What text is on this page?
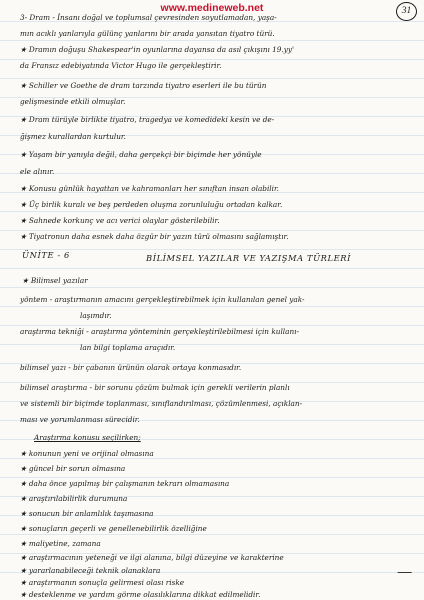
www.medineweb.net	31
3- Dram - İnsanı doğal ve toplumsal çevresinden soyutlamadan, yaşa-
mın acıklı yanlarıyla gülünç yanlarını bir arada yansıtan tiyatro türü.
★ Dramın doğuşu Shakespear'in oyunlarına dayansa da asıl çıkışını 19.yy'
da Fransız edebiyatında Victor Hugo ile gerçekleştirir.
★ Schiller ve Goethe de dram tarzında tiyatro eserleri ile bu türün
gelişmesinde etkili olmuşlar.
★ Dram türüyle birlikte tiyatro, tragedya ve komedideki kesin ve de-
ğişmez kurallardan kurtulur.
★ Yaşam bir yanıyla değil, daha gerçekçi bir biçimde her yönüyle
ele alınır.
★ Konusu günlük hayattan ve kahramanları her sınıftan insan olabilir.
★ Üç birlik kuralı ve beş perdeden oluşma zorunluluğu ortadan kalkar.
★ Sahnede korkunç ve acı verici olaylar gösterilebilir.
★ Tiyatronun daha esnek daha özgür bir yazın türü olmasını sağlamıştır.
ÜNİTE - 6	BİLİMSEL YAZILAR VE YAZIŞMA TÜRLERİ
★ Bilimsel yazılar
yöntem - araştırmanın amacını gerçekleştirebilmek için kullanılan genel yak-
laşımdır.
araştırma tekniği - araştırma yönteminin gerçekleştirilebilmesi için kullanı-
lan bilgi toplama araçıdır.
bilimsel yazı - bir çabanın ürünün olarak ortaya konmasıdır.
bilimsel araştırma - bir sorunu çözüm bulmak için gerekli verilerin planlı
ve sistemli bir biçimde toplanması, sınıflandırılması, çözümlenmesi, açıklan-
ması ve yorumlanması sürecidir.
Araştırma konusu seçilirken;
★ konunun yeni ve orijinal olmasına
★ güncel bir sorun olmasına
★ daha önce yapılmış bir çalışmanın tekrarı olmamasına
★ araştırılabilirlik durumuna
★ sonucun bir anlamlılık taşımasına
★ sonuçların geçerli ve genellenebilirlik özelliğine
★ maliyetine, zamana
★ araştırmacının yeteneği ve ilgi alanına, bilgi düzeyine ve karakterine
★ yararlanabileceği teknik olanaklara
★ araştırmanın sonuçla gelirmesi olası riske
★ desteklenme ve yardım görme olasılıklarına dikkat edilmelidir.
